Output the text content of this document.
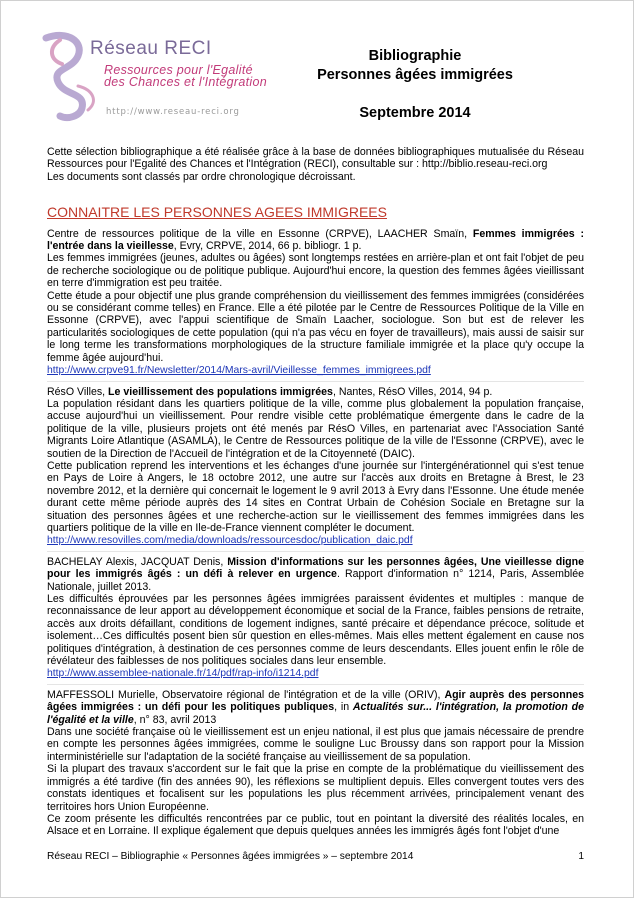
Réseau RECI
Ressources pour l'Egalité
des Chances et l'Intégration
http://www.reseau-reci.org
Bibliographie
Personnes âgées immigrées
Septembre 2014

Cette sélection bibliographique a été réalisée grâce à la base de données bibliographiques mutualisée du Réseau Ressources pour l'Egalité des Chances et l'Intégration (RECI), consultable sur : http://biblio.reseau-reci.org

Les documents sont classés par ordre chronologique décroissant.

CONNAITRE LES PERSONNES AGEES IMMIGREES

Centre de ressources politique de la ville en Essonne (CRPVE), LAACHER Smaïn, Femmes immigrées : l'entrée dans la vieillesse, Evry, CRPVE, 2014, 66 p. bibliogr. 1 p.

Les femmes immigrées (jeunes, adultes ou âgées) sont longtemps restées en arrière-plan et ont fait l'objet de peu de recherche sociologique ou de politique publique. Aujourd'hui encore, la question des femmes âgées vieillissant en terre d'immigration est peu traitée.

Cette étude a pour objectif une plus grande compréhension du vieillissement des femmes immigrées (considérées ou se considérant comme telles) en France. Elle a été pilotée par le Centre de Ressources Politique de la Ville en Essonne (CRPVE), avec l'appui scientifique de Smaïn Laacher, sociologue. Son but est de relever les particularités sociologiques de cette population (qui n'a pas vécu en foyer de travailleurs), mais aussi de saisir sur le long terme les transformations morphologiques de la structure familiale immigrée et la place qu'y occupe la femme âgée aujourd'hui.

http://www.crpve91.fr/Newsletter/2014/Mars-avril/Vieillesse_femmes_immigrees.pdf

RésO Villes, Le vieillissement des populations immigrées, Nantes, RésO Villes, 2014, 94 p.

La population résidant dans les quartiers politique de la ville, comme plus globalement la population française, accuse aujourd'hui un vieillissement. Pour rendre visible cette problématique émergente dans le cadre de la politique de la ville, plusieurs projets ont été menés par RésO Villes, en partenariat avec l'Association Santé Migrants Loire Atlantique (ASAMLA), le Centre de Ressources politique de la ville de l'Essonne (CRPVE), avec le soutien de la Direction de l'Accueil de l'intégration et de la Citoyenneté (DAIC).

Cette publication reprend les interventions et les échanges d'une journée sur l'intergénérationnel qui s'est tenue en Pays de Loire à Angers, le 18 octobre 2012, une autre sur l'accès aux droits en Bretagne à Brest, le 23 novembre 2012, et la dernière qui concernait le logement le 9 avril 2013 à Evry dans l'Essonne. Une étude menée durant cette même période auprès des 14 sites en Contrat Urbain de Cohésion Sociale en Bretagne sur la situation des personnes âgées et une recherche-action sur le vieillissement des femmes immigrées dans les quartiers politique de la ville en Ile-de-France viennent compléter le document.

http://www.resovilles.com/media/downloads/ressourcesdoc/publication_daic.pdf

BACHELAY Alexis, JACQUAT Denis, Mission d'informations sur les personnes âgées, Une vieillesse digne pour les immigrés âgés : un défi à relever en urgence. Rapport d'information n° 1214, Paris, Assemblée Nationale, juillet 2013.

Les difficultés éprouvées par les personnes âgées immigrées paraissent évidentes et multiples : manque de reconnaissance de leur apport au développement économique et social de la France, faibles pensions de retraite, accès aux droits défaillant, conditions de logement indignes, santé précaire et dépendance précoce, solitude et isolement…Ces difficultés posent bien sûr question en elles-mêmes. Mais elles mettent également en cause nos politiques d'intégration, à destination de ces personnes comme de leurs descendants. Elles jouent enfin le rôle de révélateur des faiblesses de nos politiques sociales dans leur ensemble.

http://www.assemblee-nationale.fr/14/pdf/rap-info/i1214.pdf

MAFFESSOLI Murielle, Observatoire régional de l'intégration et de la ville (ORIV), Agir auprès des personnes âgées immigrées : un défi pour les politiques publiques, in Actualités sur... l'intégration, la promotion de l'égalité et la ville, n° 83, avril 2013

Dans une société française où le vieillissement est un enjeu national, il est plus que jamais nécessaire de prendre en compte les personnes âgées immigrées, comme le souligne Luc Broussy dans son rapport pour la Mission interministérielle sur l'adaptation de la société française au vieillissement de sa population.

Si la plupart des travaux s'accordent sur le fait que la prise en compte de la problématique du vieillissement des immigrés a été tardive (fin des années 90), les réflexions se multiplient depuis. Elles convergent toutes vers des constats identiques et focalisent sur les populations les plus récemment arrivées, principalement venant des territoires hors Union Européenne.

Ce zoom présente les difficultés rencontrées par ce public, tout en pointant la diversité des réalités locales, en Alsace et en Lorraine. Il explique également que depuis quelques années les immigrés âgés font l'objet d'une

Réseau RECI – Bibliographie « Personnes âgées immigrées » – septembre 2014	1
